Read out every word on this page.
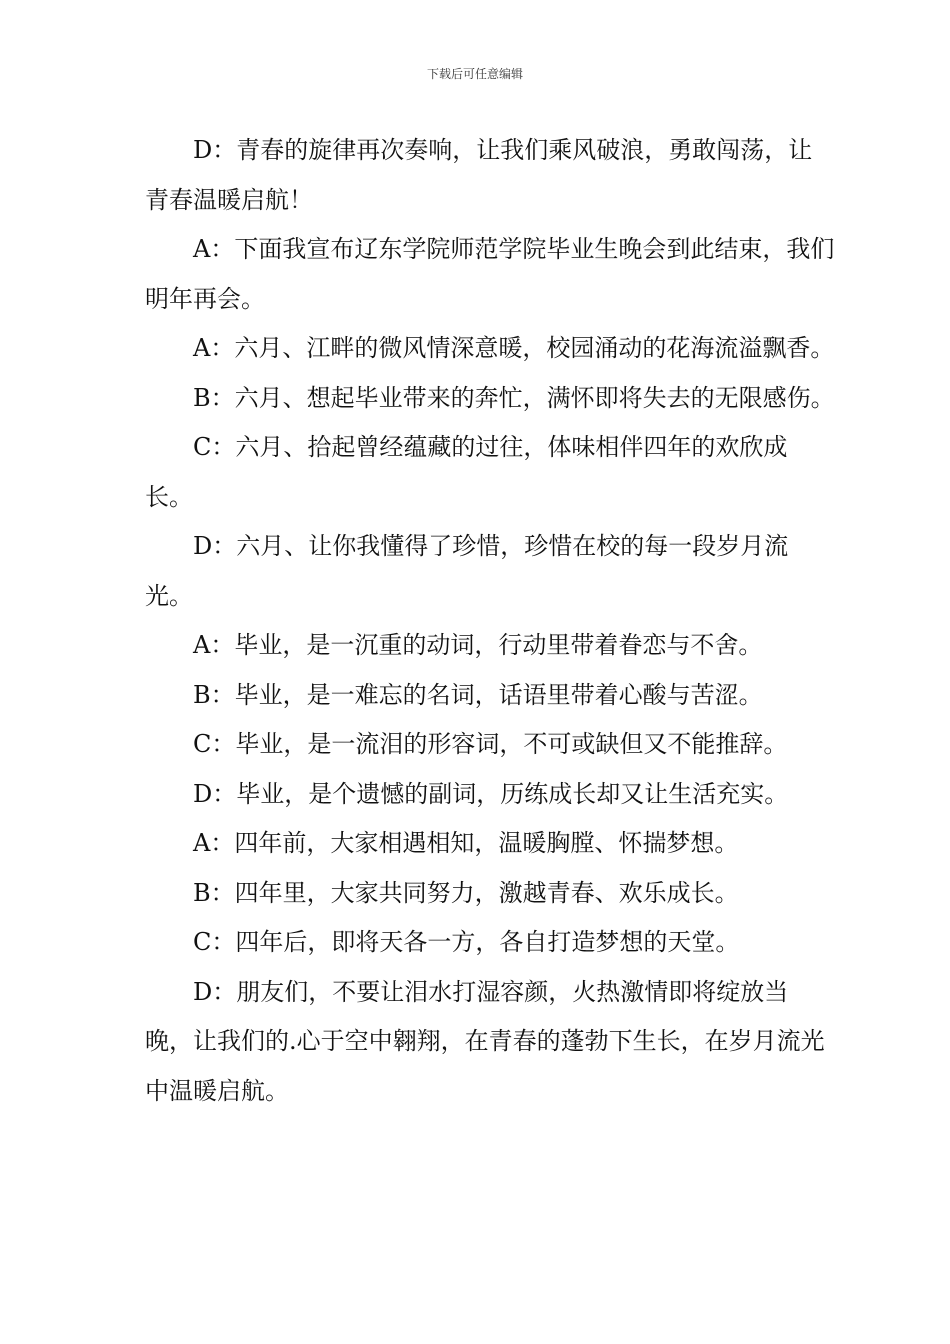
下载后可任意编辑

D：青春的旋律再次奏响，让我们乘风破浪，勇敢闯荡，让青春温暖启航！

A：下面我宣布辽东学院师范学院毕业生晚会到此结束，我们明年再会。

A：六月、江畔的微风情深意暖，校园涌动的花海流溢飘香。

B：六月、想起毕业带来的奔忙，满怀即将失去的无限感伤。

C：六月、拾起曾经蕴藏的过往，体味相伴四年的欢欣成长。

D：六月、让你我懂得了珍惜，珍惜在校的每一段岁月流光。

A：毕业，是一沉重的动词，行动里带着眷恋与不舍。

B：毕业，是一难忘的名词，话语里带着心酸与苦涩。

C：毕业，是一流泪的形容词，不可或缺但又不能推辞。

D：毕业，是个遗憾的副词，历练成长却又让生活充实。

A：四年前，大家相遇相知，温暖胸膛、怀揣梦想。

B：四年里，大家共同努力，激越青春、欢乐成长。

C：四年后，即将天各一方，各自打造梦想的天堂。

D：朋友们，不要让泪水打湿容颜，火热激情即将绽放当晚，让我们的.心于空中翱翔，在青春的蓬勃下生长，在岁月流光中温暖启航。
